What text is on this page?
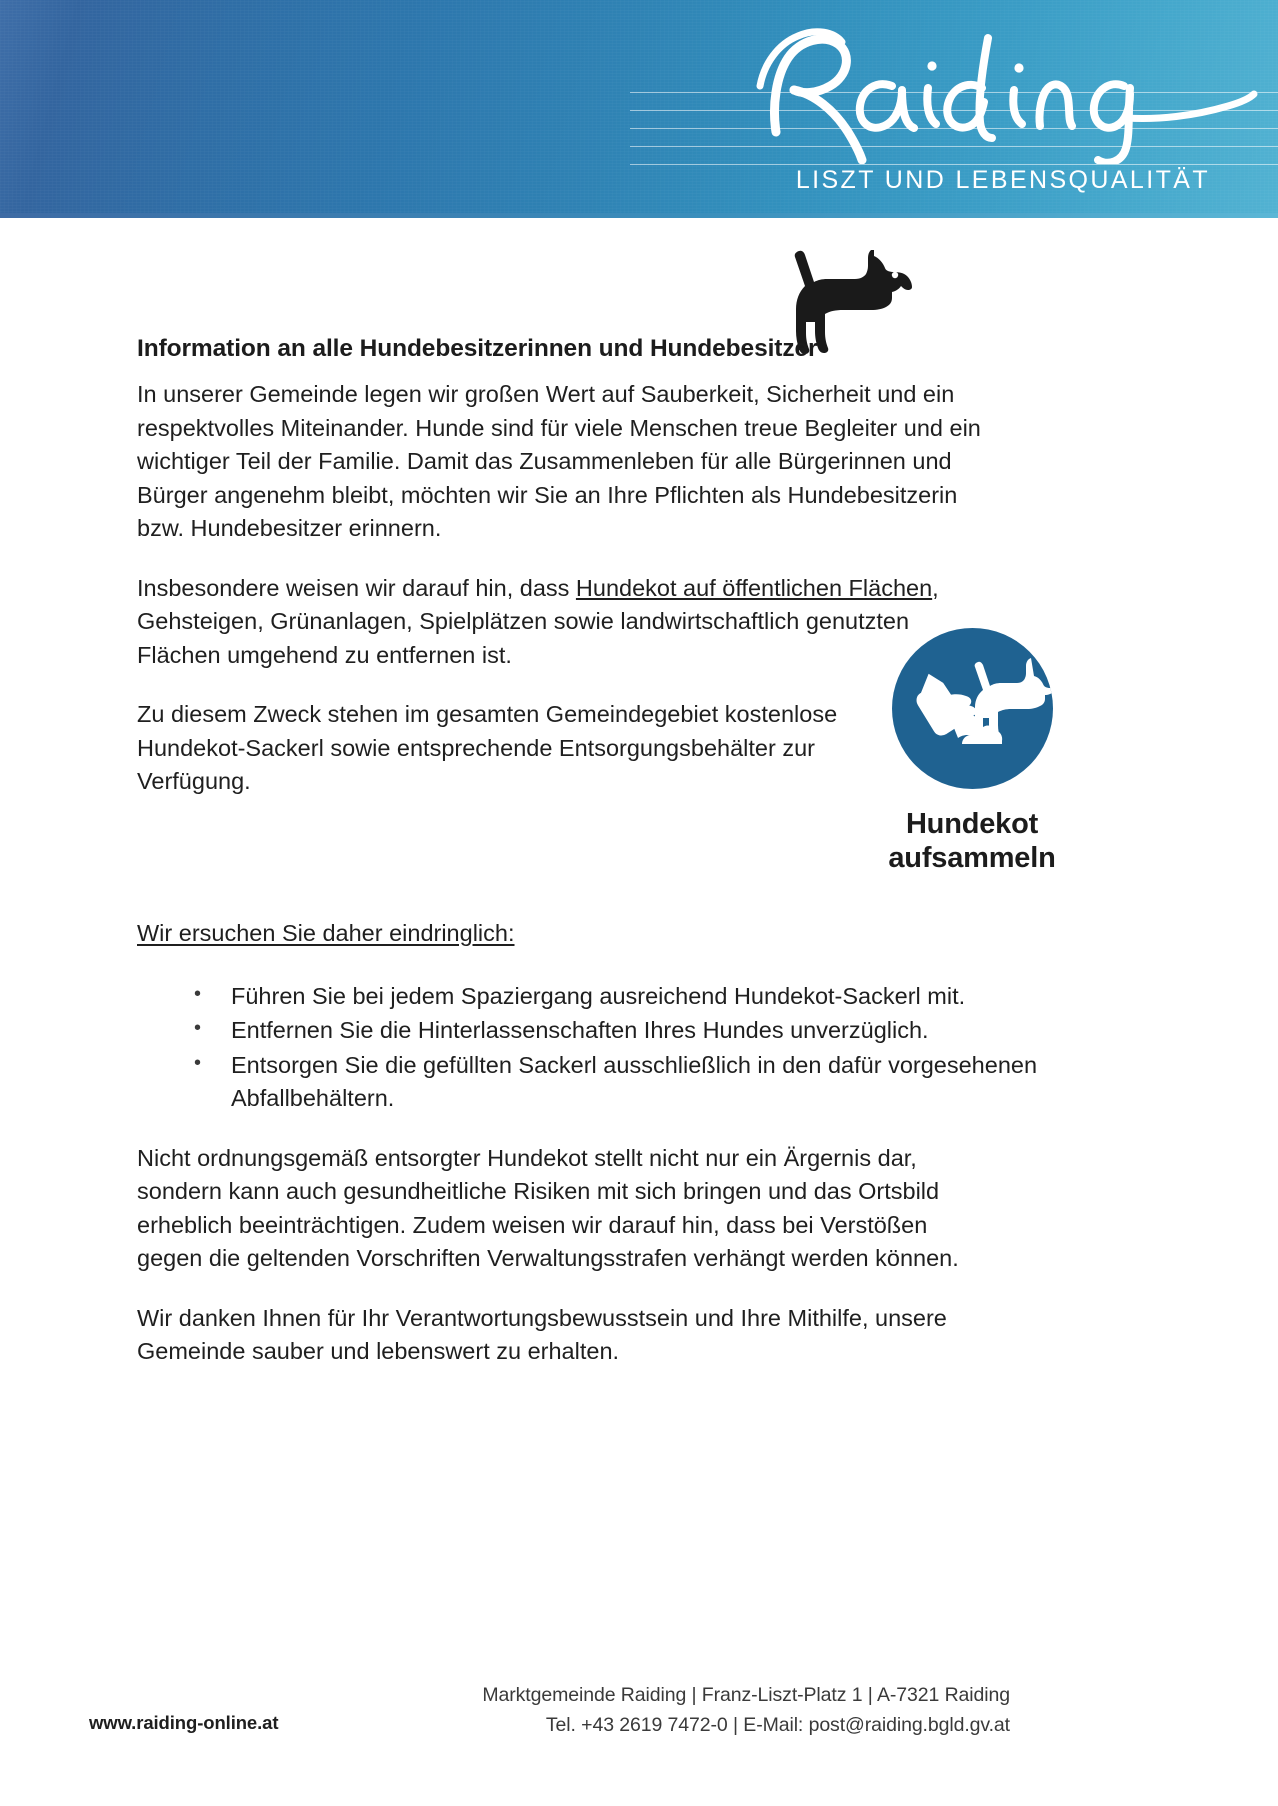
LISZT UND LEBENSQUALITÄT
Information an alle Hundebesitzerinnen und Hundebesitzer
Hundekot
aufsammeln

In unserer Gemeinde legen wir großen Wert auf Sauberkeit, Sicherheit und ein respektvolles Miteinander. Hunde sind für viele Menschen treue Begleiter und ein wichtiger Teil der Familie. Damit das Zusammenleben für alle Bürgerinnen und Bürger angenehm bleibt, möchten wir Sie an Ihre Pflichten als Hundebesitzerin bzw. Hundebesitzer erinnern.

Insbesondere weisen wir darauf hin, dass Hundekot auf öffentlichen Flächen, Gehsteigen, Grünanlagen, Spielplätzen sowie landwirtschaftlich genutzten Flächen umgehend zu entfernen ist.

Zu diesem Zweck stehen im gesamten Gemeindegebiet kostenlose Hundekot-Sackerl sowie entsprechende Entsorgungsbehälter zur Verfügung.

Wir ersuchen Sie daher eindringlich:
• Führen Sie bei jedem Spaziergang ausreichend Hundekot-Sackerl mit.
• Entfernen Sie die Hinterlassenschaften Ihres Hundes unverzüglich.
• Entsorgen Sie die gefüllten Sackerl ausschließlich in den dafür vorgesehenen Abfallbehältern.

Nicht ordnungsgemäß entsorgter Hundekot stellt nicht nur ein Ärgernis dar, sondern kann auch gesundheitliche Risiken mit sich bringen und das Ortsbild erheblich beeinträchtigen. Zudem weisen wir darauf hin, dass bei Verstößen gegen die geltenden Vorschriften Verwaltungsstrafen verhängt werden können.

Wir danken Ihnen für Ihr Verantwortungsbewusstsein und Ihre Mithilfe, unsere Gemeinde sauber und lebenswert zu erhalten.

www.raiding-online.at
Marktgemeinde Raiding | Franz-Liszt-Platz 1 | A-7321 Raiding
Tel. +43 2619 7472-0 | E-Mail: post@raiding.bgld.gv.at
